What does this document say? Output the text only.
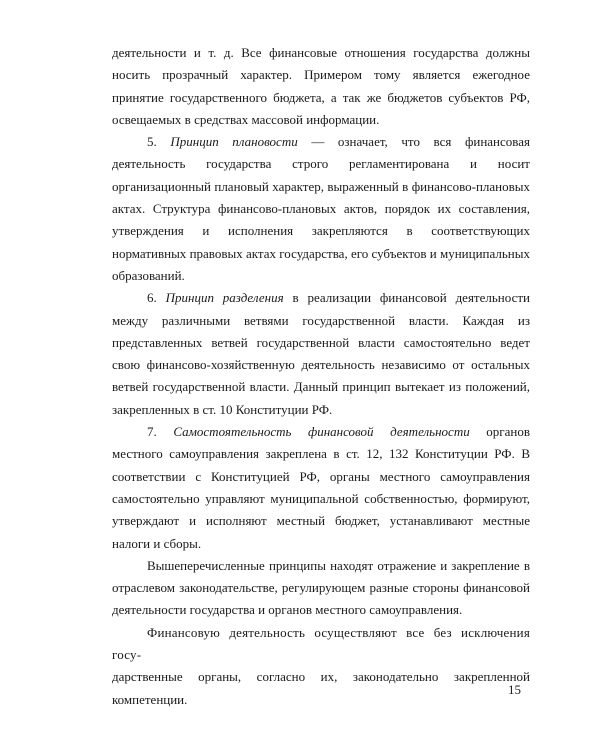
деятельности и т. д. Все финансовые отношения государства должны носить прозрачный характер. Примером тому является ежегодное принятие государственного бюджета, а так же бюджетов субъектов РФ, освещаемых в средствах массовой информации.

5. Принцип плановости — означает, что вся финансовая деятельность государства строго регламентирована и носит организационный плановый характер, выраженный в финансово-плановых актах. Структура финансово-плановых актов, порядок их составления, утверждения и исполнения закрепляются в соответствующих нормативных правовых актах государства, его субъектов и муниципальных образований.

6. Принцип разделения в реализации финансовой деятельности между различными ветвями государственной власти. Каждая из представленных ветвей государственной власти самостоятельно ведет свою финансово-хозяйственную деятельность независимо от остальных ветвей государственной власти. Данный принцип вытекает из положений, закрепленных в ст. 10 Конституции РФ.

7. Самостоятельность финансовой деятельности органов местного самоуправления закреплена в ст. 12, 132 Конституции РФ. В соответствии с Конституцией РФ, органы местного самоуправления самостоятельно управляют муниципальной собственностью, формируют, утверждают и исполняют местный бюджет, устанавливают местные налоги и сборы.

Вышеперечисленные принципы находят отражение и закрепление в отраслевом законодательстве, регулирующем разные стороны финансовой деятельности государства и органов местного самоуправления.

Финансовую деятельность осуществляют все без исключения госу-

дарственные органы, согласно их, законодательно закрепленной

компетенции.

15
